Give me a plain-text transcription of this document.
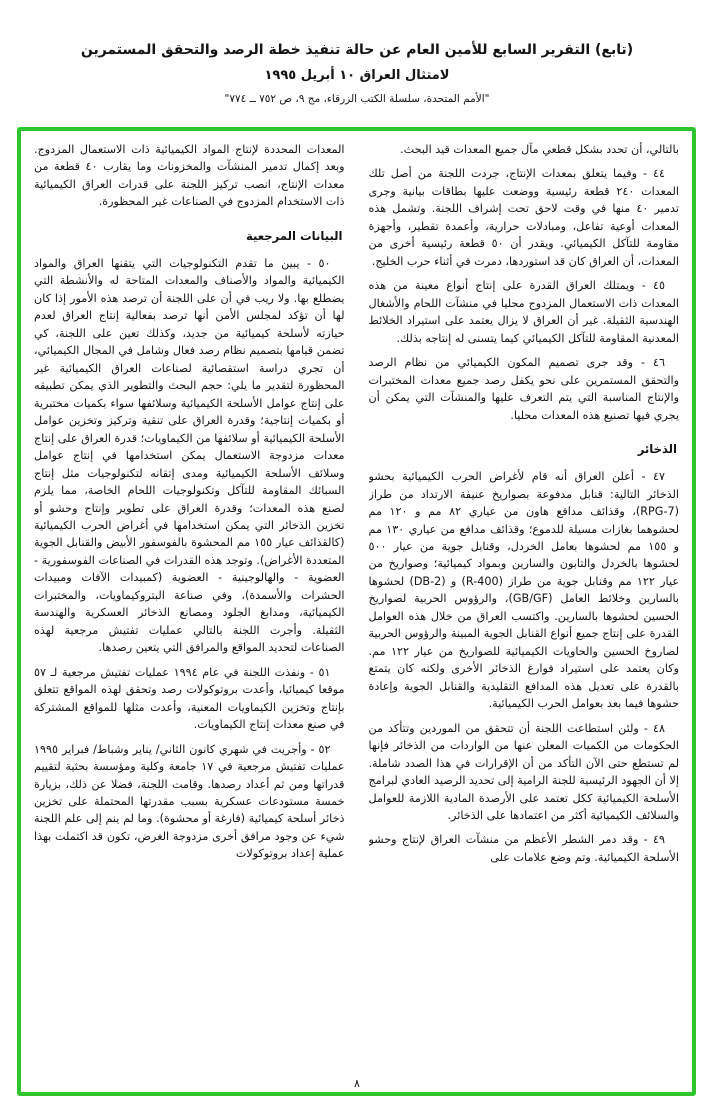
(تابع) التقرير السابع للأمين العام عن حالة تنفيذ خطة الرصد والتحقق المستمرين
لامتثال العراق ١٠ أبريل ١٩٩٥
"الأمم المتحدة، سلسلة الكتب الزرقاء، مج ٩، ص ٧٥٢ ــ ٧٧٤"

بالتالي، أن تحدد بشكل قطعي مآل جميع المعدات قيد البحث.

٤٤ - وفيما يتعلق بمعدات الإنتاج، جردت اللجنة من أصل تلك المعدات ٢٤٠ قطعة رئيسية ووضعت عليها بطاقات بيانية وجرى تدمير ٤٠ منها في وقت لاحق تحت إشراف اللجنة. وتشمل هذه المعدات أوعية تفاعل، ومبادلات حرارية، وأعمدة تقطير، وأجهزة مقاومة للتآكل الكيميائي. ويقدر أن ٥٠ قطعة رئيسية أخرى من المعدات، أن العراق كان قد استوردها، دمرت في أثناء حرب الخليج.

٤٥ - ويمتلك العراق القدرة على إنتاج أنواع معينة من هذه المعدات ذات الاستعمال المزدوج محليا في منشآت اللحام والأشغال الهندسية الثقيلة. غير أن العراق لا يزال يعتمد على استيراد الخلائط المعدنية المقاومة للتآكل الكيميائي كيما يتسنى له إنتاجه بذلك.

٤٦ - وقد جرى تصميم المكون الكيميائي من نظام الرصد والتحقق المستمرين على نحو يكفل رصد جميع معدات المختبرات والإنتاج المناسبة التي يتم التعرف عليها والمنشآت التي يمكن أن يجري فيها تصنيع هذه المعدات محليا.

الذخائر

٤٧ - أعلن العراق أنه قام لأغراض الحرب الكيميائية بحشو الذخائر التالية: قنابل مدفوعة بصواريخ عنيفة الارتداد من طراز (RPG-7)، وقذائف مدافع هاون من عياري ٨٢ مم و ١٢٠ مم لحشوهما بغازات مسيلة للدموع؛ وقذائف مدافع من عياري ١٣٠ مم و ١٥٥ مم لحشوها بعامل الخردل، وقنابل جوية من عيار ٥٠٠ لحشوها بالخردل والتابون والسارين وبمواد كيميائية؛ وصواريخ من عيار ١٢٢ مم وقنابل جوية من طراز (R-400) و (DB-2) لحشوها بالسارين وخلائط العامل (GB/GF)، والرؤوس الحربية لصواريخ الحسين لحشوها بالسارين. واكتسب العراق من خلال هذه العوامل القدرة على إنتاج جميع أنواع القنابل الجوية المبينة والرؤوس الحربية لصاروخ الحسين والحاويات الكيميائية للصواريخ من عيار ١٢٢ مم. وكان يعتمد على استيراد فوارغ الذخائر الأخرى ولكنه كان يتمتع بالقدرة على تعديل هذه المدافع التقليدية والقنابل الجوية وإعادة حشوها فيما بعد بعوامل الحرب الكيميائية.

٤٨ - ولئن استطاعت اللجنة أن تتحقق من الموردين وتتأكد من الحكومات من الكميات المعلن عنها من الواردات من الذخائر فإنها لم تستطع حتى الآن التأكد من أن الإقرارات في هذا الصدد شاملة. إلا أن الجهود الرئيسية للجنة الرامية إلى تحديد الرصيد العادي لبرامج الأسلحة الكيميائية ككل تعتمد على الأرصدة المادية اللازمة للعوامل والسلائف الكيميائية أكثر من اعتمادها على الذخائر.

٤٩ - وقد دمر الشطر الأعظم من منشآت العراق لإنتاج وحشو الأسلحة الكيميائية. وتم وضع علامات على

المعدات المحددة لإنتاج المواد الكيميائية ذات الاستعمال المزدوج. وبعد إكمال تدمير المنشآت والمخزونات وما يقارب ٤٠ قطعة من معدات الإنتاج، انصب تركيز اللجنة على قدرات العراق الكيميائية ذات الاستخدام المزدوج في الصناعات غير المحظورة.

البيانات المرجعية

٥٠ - يبين ما تقدم التكنولوجيات التي يتقنها العراق والمواد الكيميائية والمواد والأصناف والمعدات المتاحة له والأنشطة التي يضطلع بها. ولا ريب في أن على اللجنة أن ترصد هذه الأمور إذا كان لها أن تؤكد لمجلس الأمن أنها ترصد بفعالية إنتاج العراق لعدم حيازته لأسلحة كيميائية من جديد، وكذلك تعين على اللجنة، كي تضمن قيامها بتصميم نظام رصد فعال وشامل في المجال الكيميائي، أن تجري دراسة استقصائية لصناعات العراق الكيميائية غير المحظورة لتقدير ما يلي: حجم البحث والتطوير الذي يمكن تطبيقه على إنتاج عوامل الأسلحة الكيميائية وسلائفها سواء بكميات مختبرية أو بكميات إنتاجية؛ وقدرة العراق على تنقية وتركيز وتخزين عوامل الأسلحة الكيميائية أو سلائفها من الكيماويات؛ قدرة العراق على إنتاج معدات مزدوجة الاستعمال يمكن استخدامها في إنتاج عوامل وسلائف الأسلحة الكيميائية ومدى إتقانه لتكنولوجيات مثل إنتاج السبائك المقاومة للتآكل وتكنولوجيات اللحام الخاصة، مما يلزم لصنع هذه المعدات؛ وقدرة العراق على تطوير وإنتاج وحشو أو تخزين الذخائر التي يمكن استخدامها في أغراض الحرب الكيميائية (كالقذائف عيار ١٥٥ مم المحشوة بالفوسفور الأبيض والقنابل الجوية المتعددة الأغراض). وتوجد هذه القدرات في الصناعات الفوسفورية - العضوية - والهالوجينية - العضوية (كمبيدات الآفات ومبيدات الحشرات والأسمدة)، وفي صناعة البتروكيماويات، والمختبرات الكيميائية، ومدابغ الجلود ومصانع الذخائر العسكرية والهندسة الثقيلة. وأجرت اللجنة بالتالي عمليات تفتيش مرجعية لهذه الصناعات لتحديد المواقع والمرافق التي يتعين رصدها.

٥١ - ونفذت اللجنة في عام ١٩٩٤ عمليات تفتيش مرجعية لـ ٥٧ موقعا كيميائيا، وأعدت بروتوكولات رصد وتحقق لهذه المواقع تتعلق بإنتاج وتخزين الكيماويات المعنية، وأعدت مثلها للمواقع المشتركة في صنع معدات إنتاج الكيماويات.

٥٢ - وأجريت في شهري كانون الثاني/ يناير وشباط/ فبراير ١٩٩٥ عمليات تفتيش مرجعية في ١٧ جامعة وكلية ومؤسسة بحثية لتقييم قدراتها ومن ثم أعداد رصدها. وقامت اللجنة، فضلا عن ذلك، بزيارة خمسة مستودعات عسكرية بسبب مقدرتها المحتملة على تخزين ذخائر أسلحة كيميائية (فارغة أو محشوة). وما لم ينم إلى علم اللجنة شيء عن وجود مرافق أخرى مزدوجة الغرض، تكون قد اكتملت بهذا عملية إعداد بروتوكولات

٨
